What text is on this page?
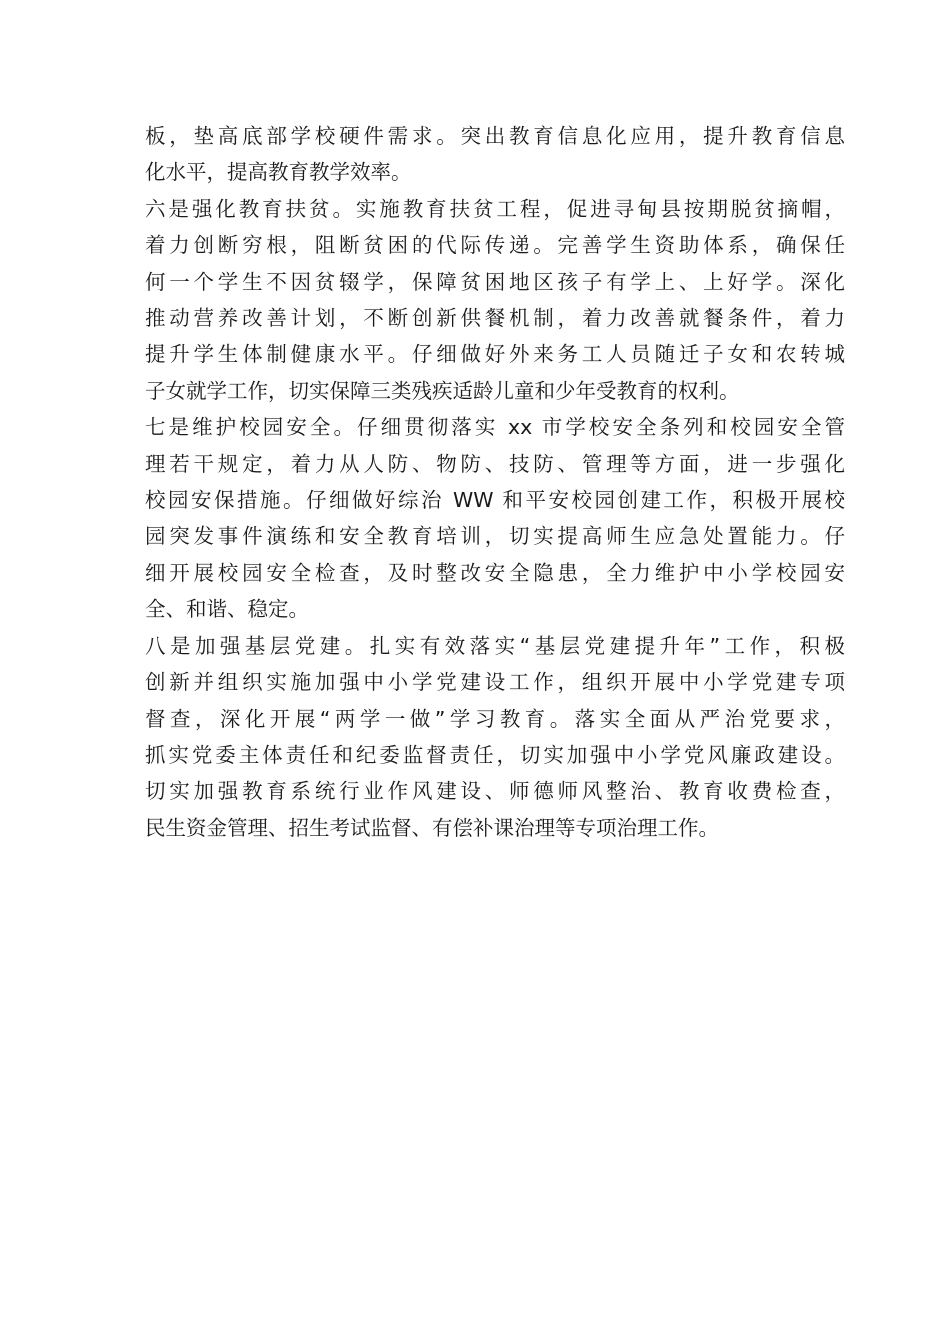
板，垫高底部学校硬件需求。突出教育信息化应用，提升教育信息
化水平，提高教育教学效率。
六是强化教育扶贫。实施教育扶贫工程，促进寻甸县按期脱贫摘帽，
着力创断穷根，阻断贫困的代际传递。完善学生资助体系，确保任
何一个学生不因贫辍学，保障贫困地区孩子有学上、上好学。深化
推动营养改善计划，不断创新供餐机制，着力改善就餐条件，着力
提升学生体制健康水平。仔细做好外来务工人员随迁子女和农转城
子女就学工作，切实保障三类残疾适龄儿童和少年受教育的权利。
七是维护校园安全。仔细贯彻落实 xx 市学校安全条列和校园安全管
理若干规定，着力从人防、物防、技防、管理等方面，进一步强化
校园安保措施。仔细做好综治 WW 和平安校园创建工作，积极开展校
园突发事件演练和安全教育培训，切实提高师生应急处置能力。仔
细开展校园安全检查，及时整改安全隐患，全力维护中小学校园安
全、和谐、稳定。
八是加强基层党建。扎实有效落实“基层党建提升年”工作，积极
创新并组织实施加强中小学党建设工作，组织开展中小学党建专项
督查，深化开展“两学一做”学习教育。落实全面从严治党要求，
抓实党委主体责任和纪委监督责任，切实加强中小学党风廉政建设。
切实加强教育系统行业作风建设、师德师风整治、教育收费检查，
民生资金管理、招生考试监督、有偿补课治理等专项治理工作。
